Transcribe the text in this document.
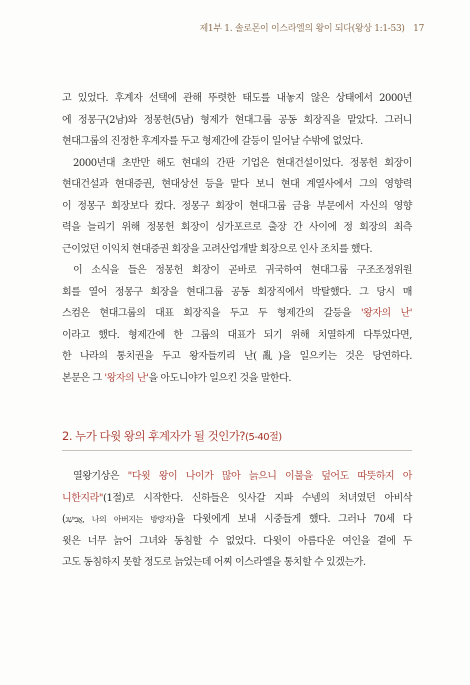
제1부 1. 솔로몬이 이스라엘의 왕이 되다(왕상 1:1-53) 17
고 있었다. 후계자 선택에 관해 뚜렷한 태도를 내놓지 않은 상태에서 2000년
에 정몽구(2남)와 정몽헌(5남) 형제가 현대그룹 공동 회장직을 맡았다. 그러니
현대그룹의 진정한 후계자를 두고 형제간에 갈등이 일어날 수밖에 없었다.
2000년대 초반만 해도 현대의 간판 기업은 현대건설이었다. 정몽헌 회장이
현대건설과 현대증권, 현대상선 등을 맡다 보니 현대 계열사에서 그의 영향력
이 정몽구 회장보다 컸다. 정몽구 회장이 현대그룹 금융 부문에서 자신의 영향
력을 늘리기 위해 정몽헌 회장이 싱가포르로 출장 간 사이에 정 회장의 최측
근이었던 이익치 현대증권 회장을 고려산업개발 회장으로 인사 조치를 했다.
이 소식을 들은 정몽헌 회장이 곧바로 귀국하여 현대그룹 구조조정위원
회를 열어 정몽구 회장을 현대그룹 공동 회장직에서 박탈했다. 그 당시 매
스컴은 현대그룹의 대표 회장직을 두고 두 형제간의 갈등을 '왕자의 난'
이라고 했다. 형제간에 한 그룹의 대표가 되기 위해 치열하게 다투었다면,
한 나라의 통치권을 두고 왕자들끼리 난(亂)을 일으키는 것은 당연하다.
본문은 그 '왕자의 난'을 아도니야가 일으킨 것을 말한다.
2. 누가 다윗 왕의 후계자가 될 것인가?(5-40절)
열왕기상은 "다윗 왕이 나이가 많아 늙으니 이불을 덮어도 따뜻하지 아
니한지라"(1절)로 시작한다. 신하들은 잇사갈 지파 수넴의 처녀였던 아비삭
(אֲבִישַׁג, 나의 아버지는 방랑자)을 다윗에게 보내 시중들게 했다. 그러나 70세 다
윗은 너무 늙어 그녀와 동침할 수 없었다. 다윗이 아름다운 여인을 곁에 두
고도 동침하지 못할 정도로 늙었는데 어찌 이스라엘을 통치할 수 있겠는가.
